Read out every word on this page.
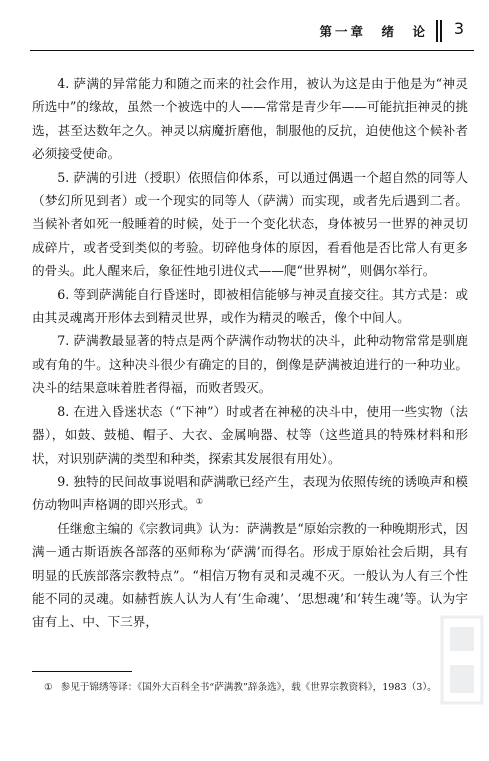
第一章　绪　论 3

4. 萨满的异常能力和随之而来的社会作用，被认为这是由于他是为“神灵所选中”的缘故，虽然一个被选中的人——常常是青少年——可能抗拒神灵的挑选，甚至达数年之久。神灵以病魔折磨他，制服他的反抗，迫使他这个候补者必须接受使命。

5. 萨满的引进（授职）依照信仰体系，可以通过偶遇一个超自然的同等人（梦幻所见到者）或一个现实的同等人（萨满）而实现，或者先后遇到二者。当候补者如死一般睡着的时候，处于一个变化状态，身体被另一世界的神灵切成碎片，或者受到类似的考验。切碎他身体的原因，看看他是否比常人有更多的骨头。此人醒来后，象征性地引进仪式——爬“世界树”，则偶尔举行。

6. 等到萨满能自行昏迷时，即被相信能够与神灵直接交往。其方式是：或由其灵魂离开形体去到精灵世界，或作为精灵的喉舌，像个中间人。

7. 萨满教最显著的特点是两个萨满作动物状的决斗，此种动物常常是驯鹿或有角的牛。这种决斗很少有确定的目的，倒像是萨满被迫进行的一种功业。决斗的结果意味着胜者得福，而败者毁灭。

8. 在进入昏迷状态（“下神”）时或者在神秘的决斗中，使用一些实物（法器），如鼓、鼓槌、帽子、大衣、金属响器、杖等（这些道具的特殊材料和形状，对识别萨满的类型和种类，探索其发展很有用处）。

9. 独特的民间故事说唱和萨满歌已经产生，表现为依照传统的诱唤声和模仿动物叫声格调的即兴形式。①

任继愈主编的《宗教词典》认为：萨满教是“原始宗教的一种晚期形式，因满－通古斯语族各部落的巫师称为‘萨满’而得名。形成于原始社会后期，具有明显的氏族部落宗教特点”。“相信万物有灵和灵魂不灭。一般认为人有三个性能不同的灵魂。如赫哲族人认为人有‘生命魂’、‘思想魂’和‘转生魂’等。认为宇宙有上、中、下三界，

① 参见于锦绣等译：《国外大百科全书“萨满教”辞条选》，载《世界宗教资料》，1983（3）。
